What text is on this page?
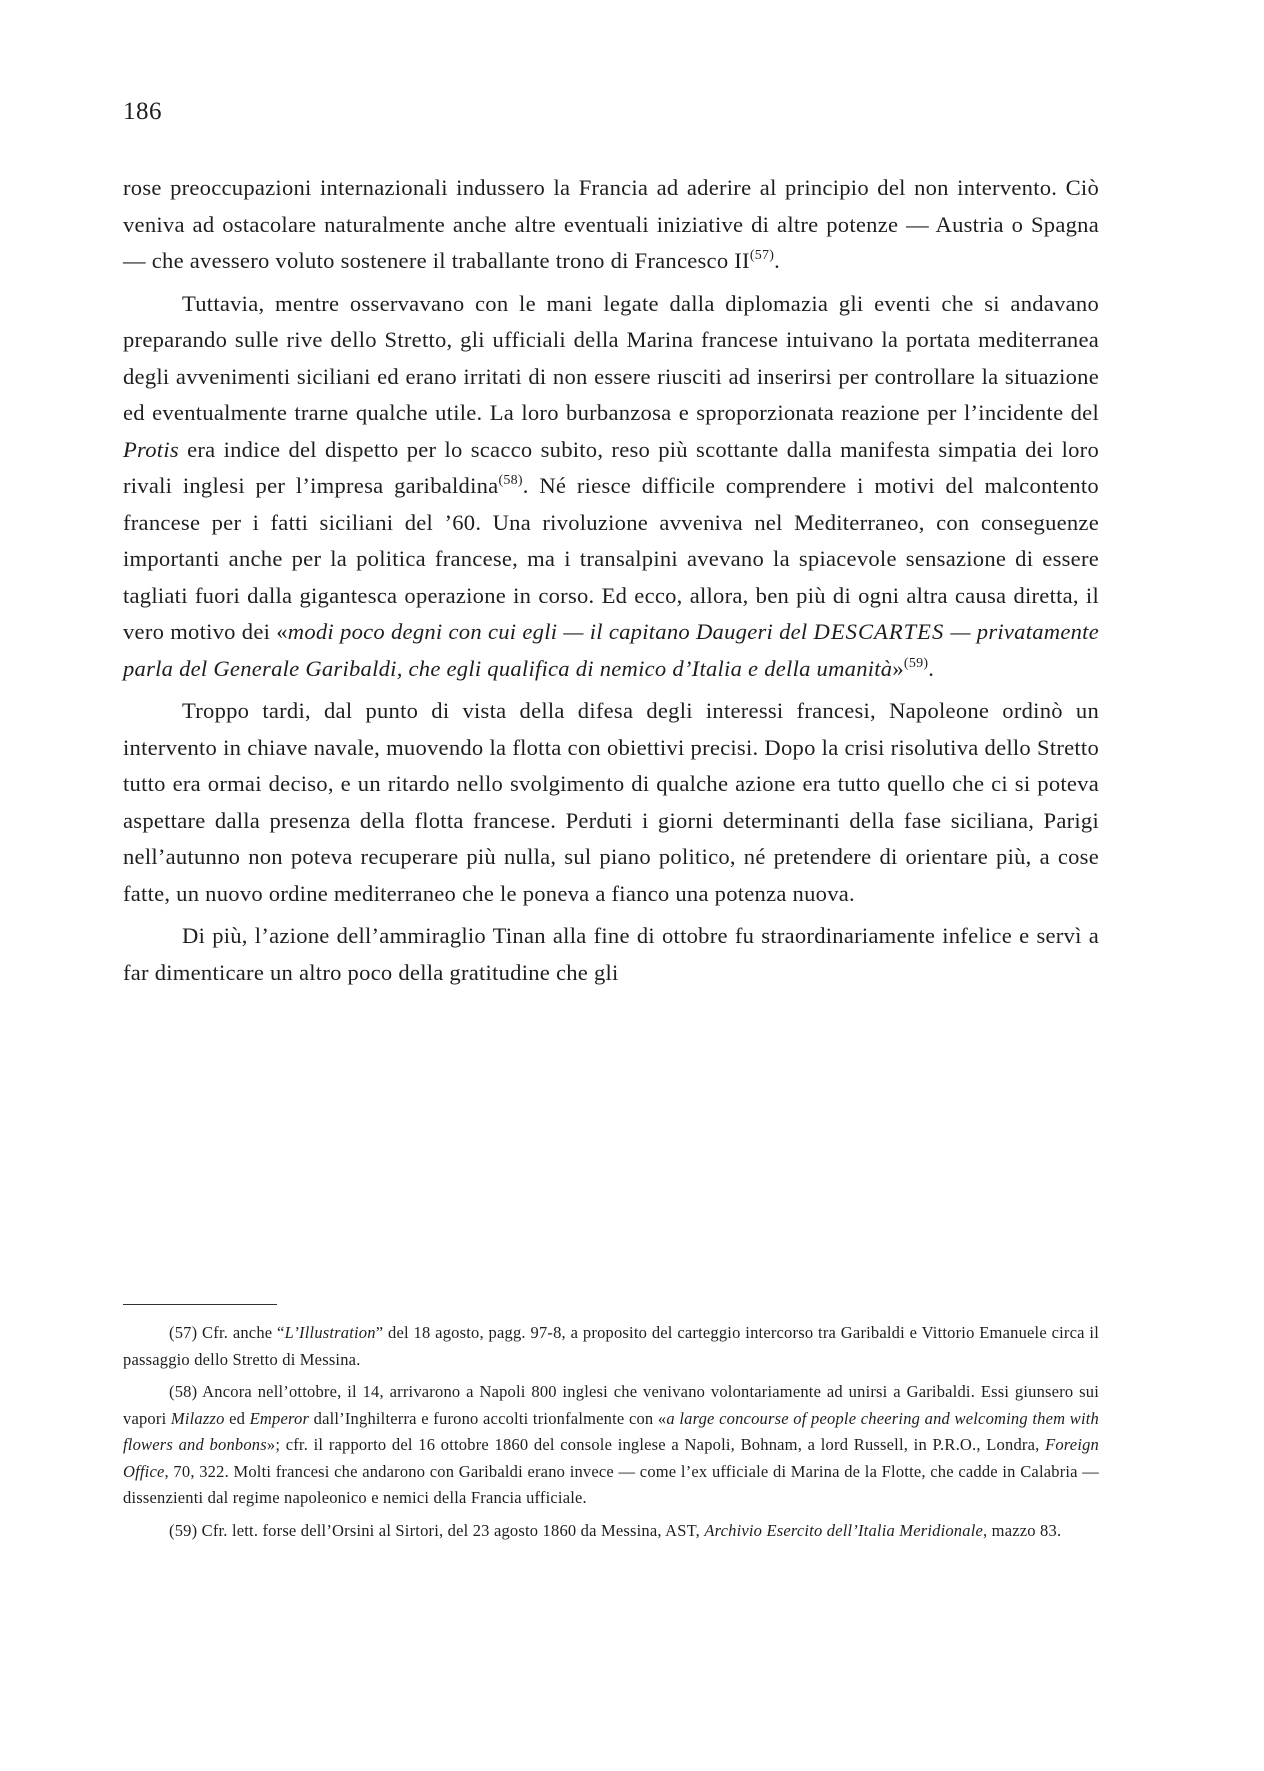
186

rose preoccupazioni internazionali indussero la Francia ad aderire al principio del non intervento. Ciò veniva ad ostacolare naturalmente anche altre eventuali iniziative di altre potenze — Austria o Spagna — che avessero voluto sostenere il traballante trono di Francesco II$^{(57)}$.

Tuttavia, mentre osservavano con le mani legate dalla diplomazia gli eventi che si andavano preparando sulle rive dello Stretto, gli ufficiali della Marina francese intuivano la portata mediterranea degli avvenimenti siciliani ed erano irritati di non essere riusciti ad inserirsi per controllare la situazione ed eventualmente trarne qualche utile. La loro burbanzosa e sproporzionata reazione per l’incidente del Protis era indice del dispetto per lo scacco subito, reso più scottante dalla manifesta simpatia dei loro rivali inglesi per l’impresa garibaldina$^{(58)}$. Né riesce difficile comprendere i motivi del malcontento francese per i fatti siciliani del ’60. Una rivoluzione avveniva nel Mediterraneo, con conseguenze importanti anche per la politica francese, ma i transalpini avevano la spiacevole sensazione di essere tagliati fuori dalla gigantesca operazione in corso. Ed ecco, allora, ben più di ogni altra causa diretta, il vero motivo dei «modi poco degni con cui egli — il capitano Daugeri del DESCARTES — privatamente parla del Generale Garibaldi, che egli qualifica di nemico d’Italia e della umanità»$^{(59)}$.

Troppo tardi, dal punto di vista della difesa degli interessi francesi, Napoleone ordinò un intervento in chiave navale, muovendo la flotta con obiettivi precisi. Dopo la crisi risolutiva dello Stretto tutto era ormai deciso, e un ritardo nello svolgimento di qualche azione era tutto quello che ci si poteva aspettare dalla presenza della flotta francese. Perduti i giorni determinanti della fase siciliana, Parigi nell’autunno non poteva recuperare più nulla, sul piano politico, né pretendere di orientare più, a cose fatte, un nuovo ordine mediterraneo che le poneva a fianco una potenza nuova.

Di più, l’azione dell’ammiraglio Tinan alla fine di ottobre fu straordinariamente infelice e servì a far dimenticare un altro poco della gratitudine che gli

(57) Cfr. anche “L’Illustration” del 18 agosto, pagg. 97-8, a proposito del carteggio intercorso tra Garibaldi e Vittorio Emanuele circa il passaggio dello Stretto di Messina.

(58) Ancora nell’ottobre, il 14, arrivarono a Napoli 800 inglesi che venivano volontariamente ad unirsi a Garibaldi. Essi giunsero sui vapori Milazzo ed Emperor dall’Inghilterra e furono accolti trionfalmente con «a large concourse of people cheering and welcoming them with flowers and bonbons»; cfr. il rapporto del 16 ottobre 1860 del console inglese a Napoli, Bohnam, a lord Russell, in P.R.O., Londra, Foreign Office, 70, 322. Molti francesi che andarono con Garibaldi erano invece — come l’ex ufficiale di Marina de la Flotte, che cadde in Calabria — dissenzienti dal regime napoleonico e nemici della Francia ufficiale.

(59) Cfr. lett. forse dell’Orsini al Sirtori, del 23 agosto 1860 da Messina, AST, Archivio Esercito dell’Italia Meridionale, mazzo 83.
